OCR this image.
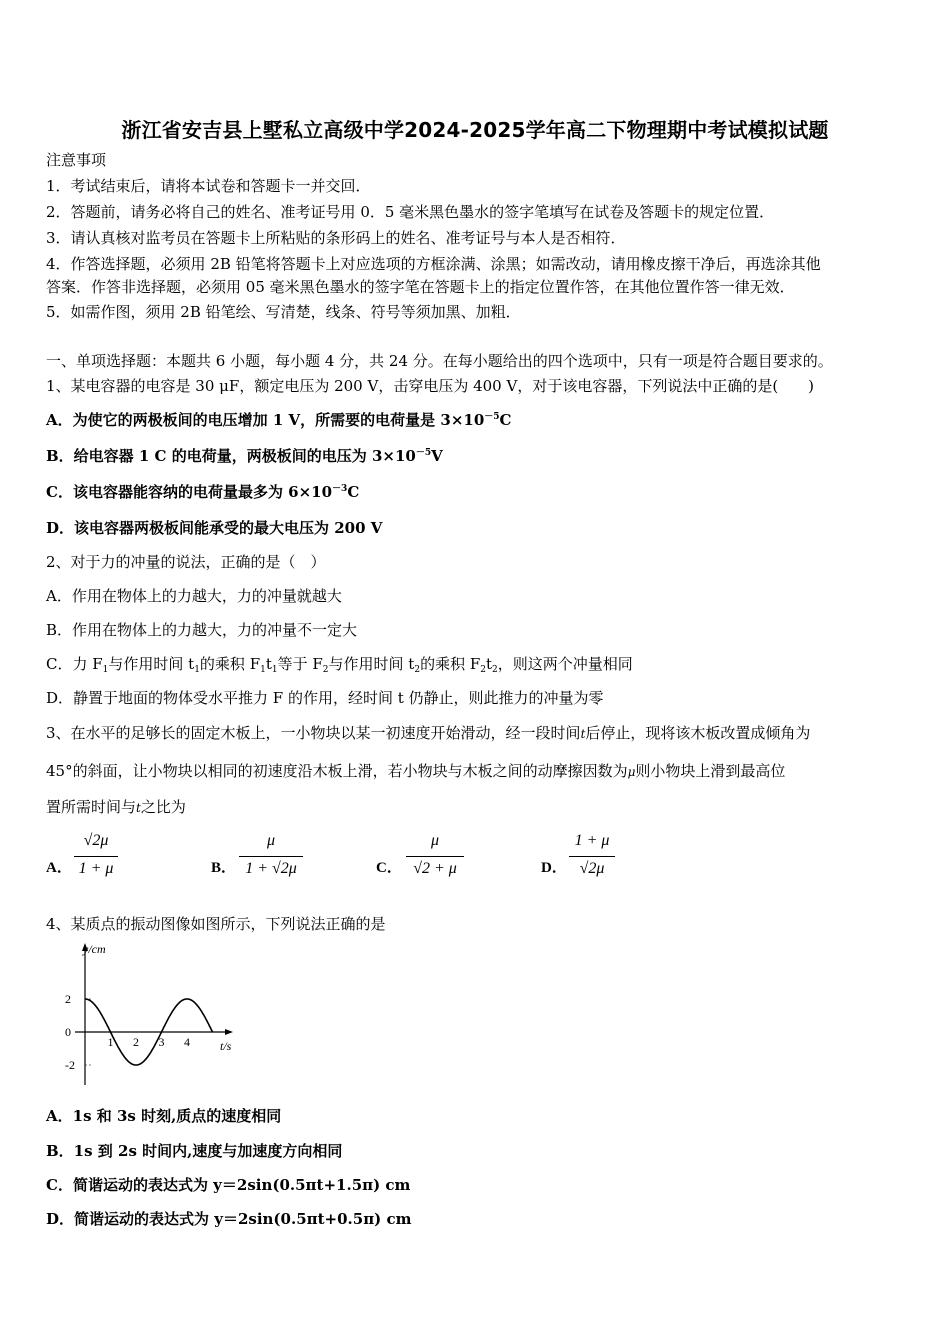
浙江省安吉县上墅私立高级中学2024-2025学年高二下物理期中考试模拟试题
注意事项
1．考试结束后，请将本试卷和答题卡一并交回．
2．答题前，请务必将自己的姓名、准考证号用 0．5 毫米黑色墨水的签字笔填写在试卷及答题卡的规定位置．
3．请认真核对监考员在答题卡上所粘贴的条形码上的姓名、准考证号与本人是否相符．
4．作答选择题，必须用 2B 铅笔将答题卡上对应选项的方框涂满、涂黑；如需改动，请用橡皮擦干净后，再选涂其他
答案．作答非选择题，必须用 05 毫米黑色墨水的签字笔在答题卡上的指定位置作答，在其他位置作答一律无效．
5．如需作图，须用 2B 铅笔绘、写清楚，线条、符号等须加黑、加粗．
一、单项选择题：本题共 6 小题，每小题 4 分，共 24 分。在每小题给出的四个选项中，只有一项是符合题目要求的。
1、某电容器的电容是 30 μF，额定电压为 200 V，击穿电压为 400 V，对于该电容器，下列说法中正确的是(　　)
A．为使它的两极板间的电压增加 1 V，所需要的电荷量是 $3\times 10^{-5}C$
B．给电容器 1 C 的电荷量，两极板间的电压为 $3\times 10^{-5}V$
C．该电容器能容纳的电荷量最多为 $6\times 10^{-3}C$
D．该电容器两极板间能承受的最大电压为 200 V
2、对于力的冲量的说法，正确的是（　）
A．作用在物体上的力越大，力的冲量就越大
B．作用在物体上的力越大，力的冲量不一定大
C．力 $F_1$与作用时间 $t_1$的乘积 $F_1t_1$等于 $F_2$与作用时间 $t_2$的乘积 $F_2t_2$，则这两个冲量相同
D．静置于地面的物体受水平推力 F 的作用，经时间 t 仍静止，则此推力的冲量为零
3、在水平的足够长的固定木板上，一小物块以某一初速度开始滑动，经一段时间t后停止，现将该木板改置成倾角为
45°的斜面，让小物块以相同的初速度沿木板上滑，若小物块与木板之间的动摩擦因数为μ则小物块上滑到最高位
置所需时间与t之比为
A．
√2μ
1 + μ	B．
μ
1 + √2μ	C．
μ
√2 + μ	D．
1 + μ
√2μ
4、某质点的振动图像如图所示，下列说法正确的是
y/cm
t/s
2
0
-2
1 2 3 4
A．1s 和 3s 时刻,质点的速度相同
B．1s 到 2s 时间内,速度与加速度方向相同
C．简谐运动的表达式为 y＝2sin(0.5πt+1.5π) cm
D．简谐运动的表达式为 y＝2sin(0.5πt+0.5π) cm
